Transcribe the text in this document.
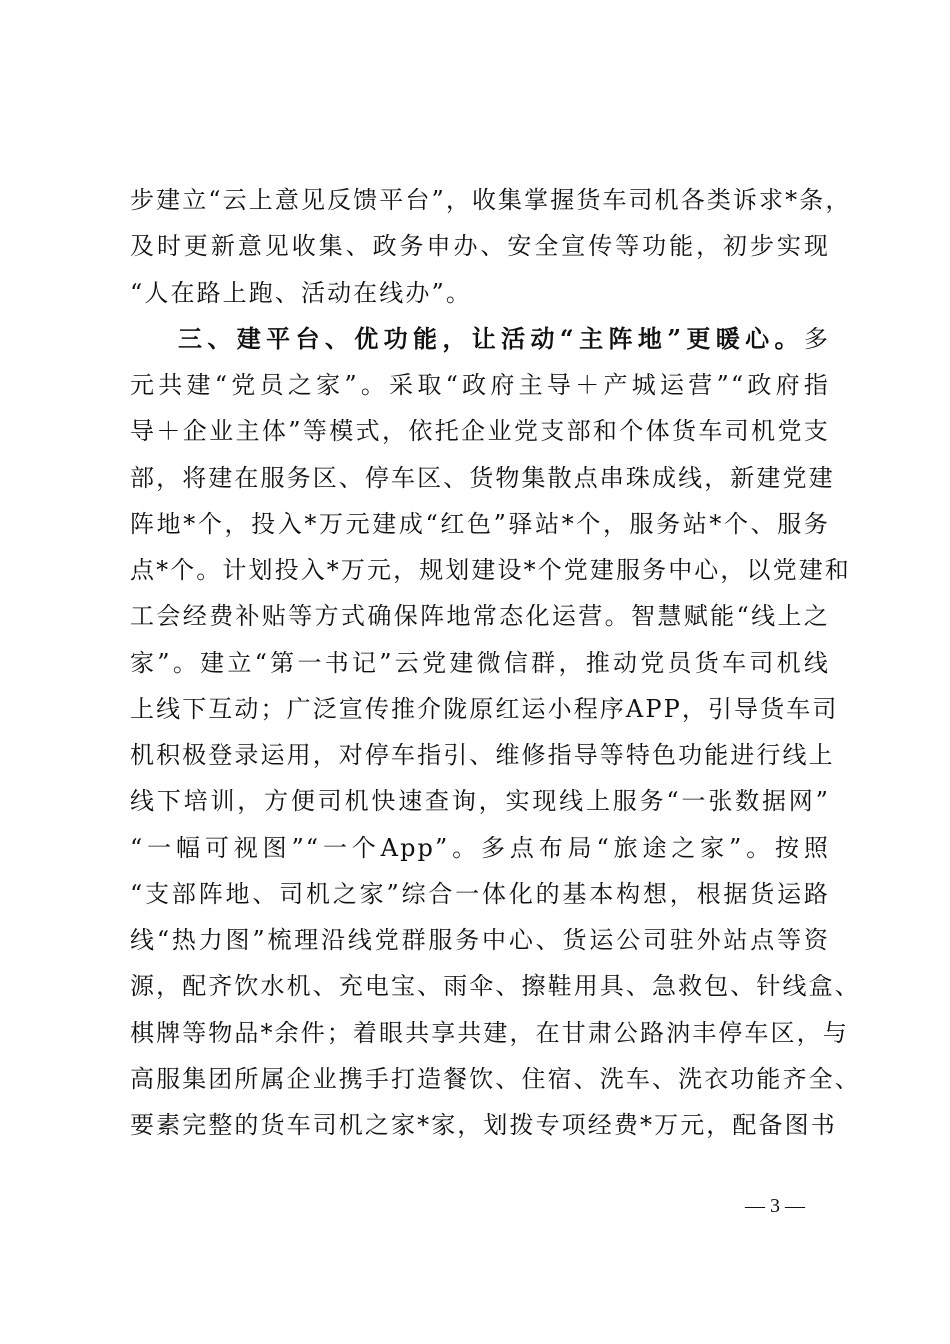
步建立“云上意见反馈平台”，收集掌握货车司机各类诉求*条，
及时更新意见收集、政务申办、安全宣传等功能，初步实现
“人在路上跑、活动在线办”。
三、建平台、优功能，让活动“主阵地”更暖心。多
元共建“党员之家”。采取“政府主导＋产城运营”“政府指
导＋企业主体”等模式，依托企业党支部和个体货车司机党支
部，将建在服务区、停车区、货物集散点串珠成线，新建党建
阵地*个，投入*万元建成“红色”驿站*个，服务站*个、服务
点*个。计划投入*万元，规划建设*个党建服务中心，以党建和
工会经费补贴等方式确保阵地常态化运营。智慧赋能“线上之
家”。建立“第一书记”云党建微信群，推动党员货车司机线
上线下互动；广泛宣传推介陇原红运小程序APP，引导货车司
机积极登录运用，对停车指引、维修指导等特色功能进行线上
线下培训，方便司机快速查询，实现线上服务“一张数据网”
“一幅可视图”“一个App”。多点布局“旅途之家”。按照
“支部阵地、司机之家”综合一体化的基本构想，根据货运路
线“热力图”梳理沿线党群服务中心、货运公司驻外站点等资
源，配齐饮水机、充电宝、雨伞、擦鞋用具、急救包、针线盒、
棋牌等物品*余件；着眼共享共建，在甘肃公路汭丰停车区，与
高服集团所属企业携手打造餐饮、住宿、洗车、洗衣功能齐全、
要素完整的货车司机之家*家，划拨专项经费*万元，配备图书
— 3 —
